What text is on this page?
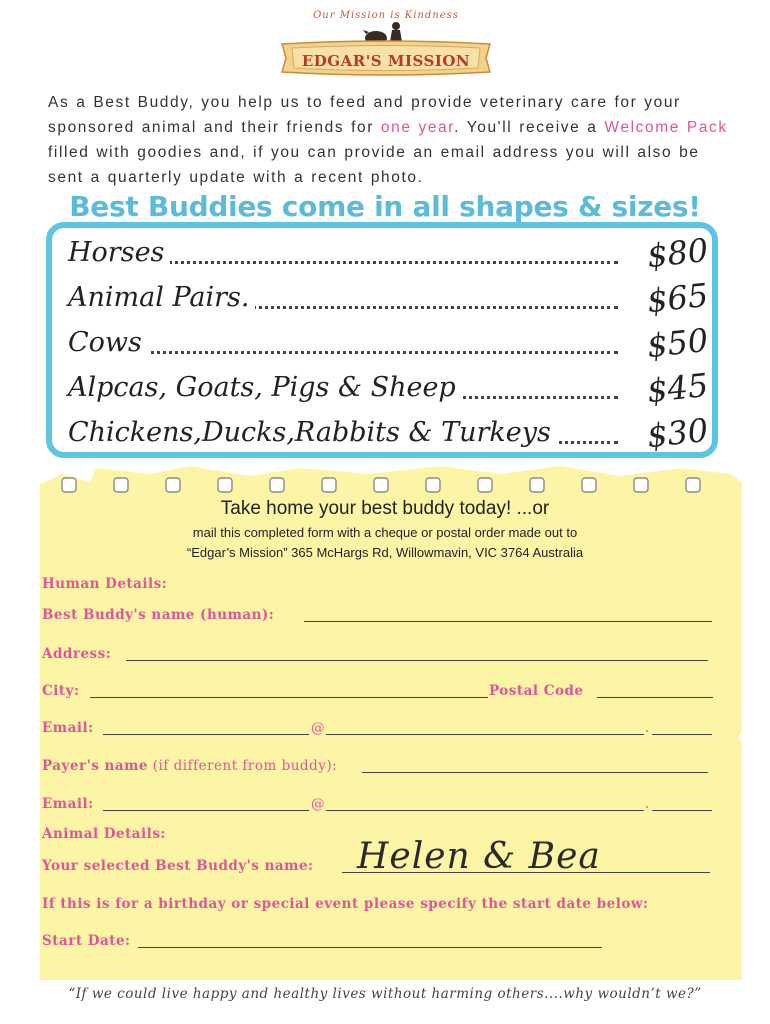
Our Mission is Kindness
EDGAR'S MISSION

As a Best Buddy, you help us to feed and provide veterinary care for your sponsored animal and their friends for one year. You'll receive a Welcome Pack filled with goodies and, if you can provide an email address you will also be sent a quarterly update with a recent photo.

Best Buddies come in all shapes & sizes!
Horses	$80
Animal Pairs.	$65
Cows	$50
Alpcas, Goats, Pigs & Sheep	$45
Chickens,Ducks,Rabbits & Turkeys	$30
Take home your best buddy today! ...or
mail this completed form with a cheque or postal order made out to
“Edgar’s Mission” 365 McHargs Rd, Willowmavin, VIC 3764 Australia
Human Details:
Best Buddy's name (human):
Address:
City:	Postal Code
Email:	@	.
Payer's name (if different from buddy):
Email:	@	.
Animal Details:
Your selected Best Buddy's name: Helen & Bea
If this is for a birthday or special event please specify the start date below:
Start Date:
“If we could live happy and healthy lives without harming others....why wouldn’t we?”
